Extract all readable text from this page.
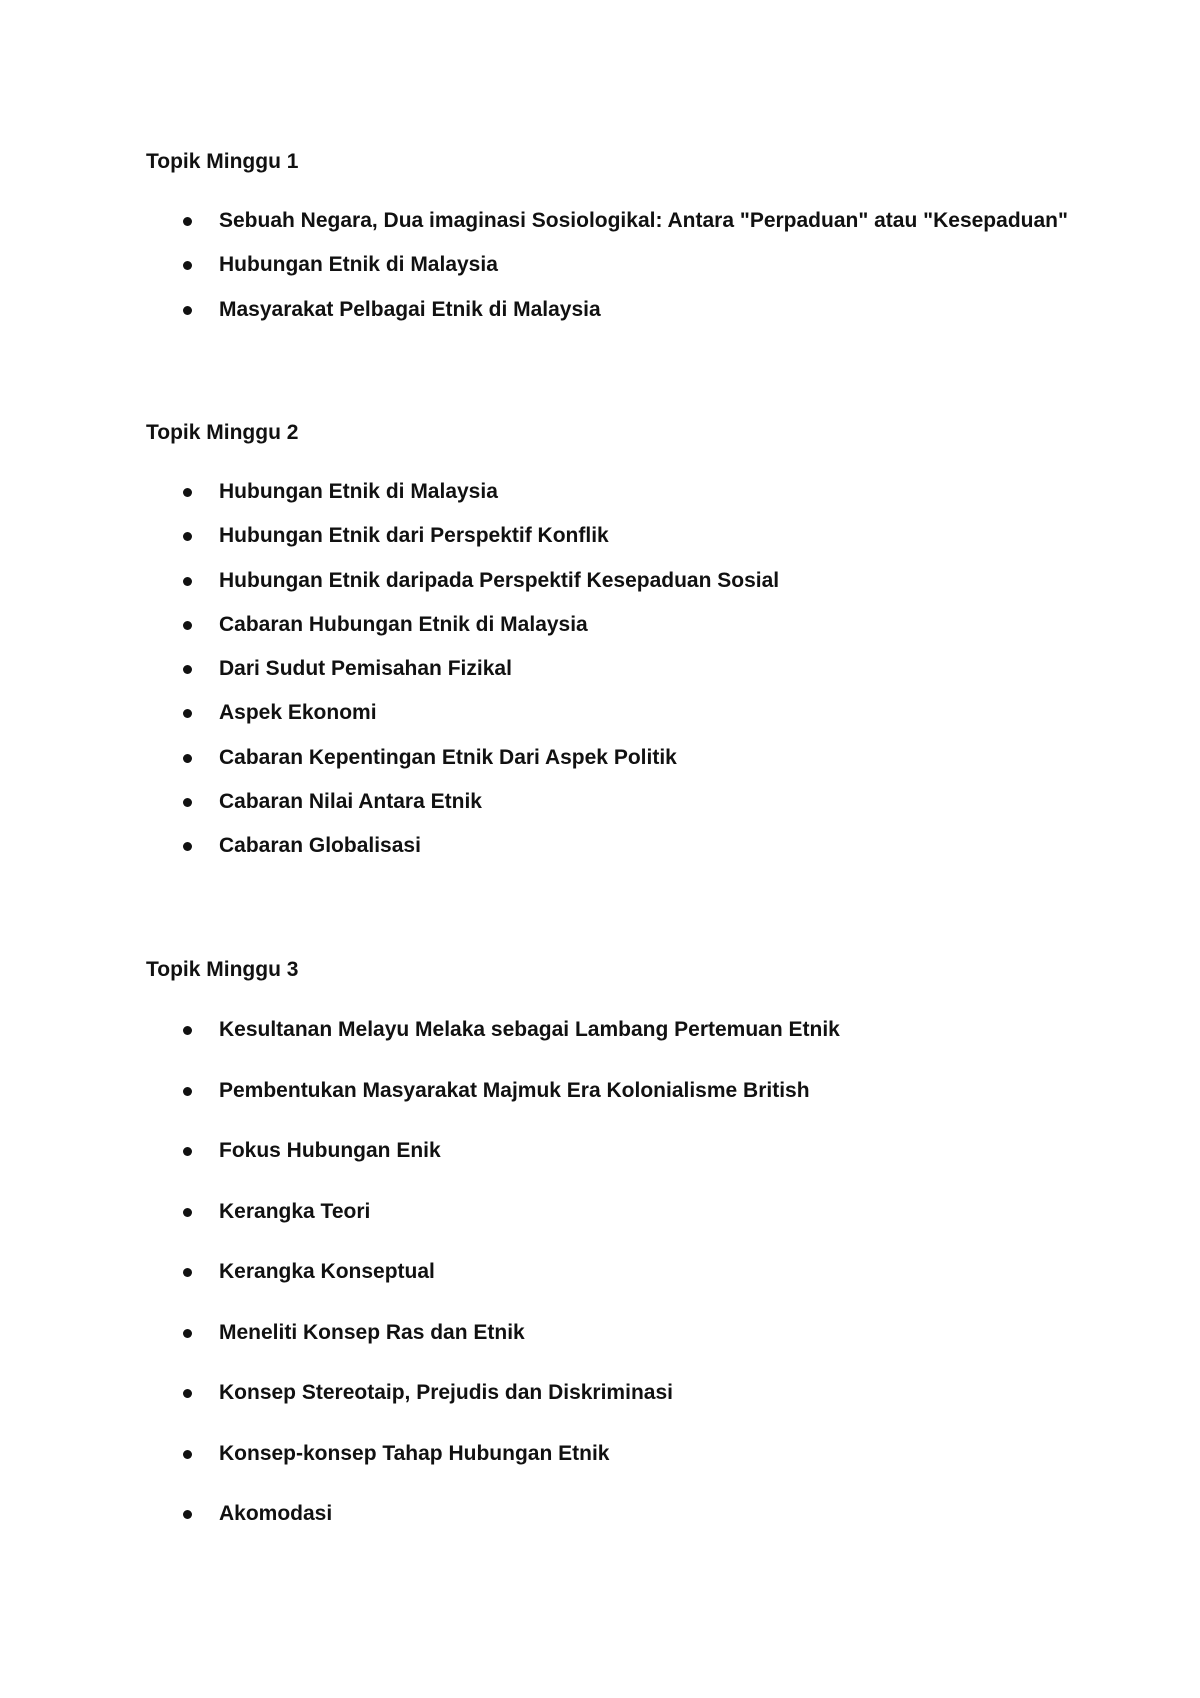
Topik Minggu 1
Sebuah Negara, Dua imaginasi Sosiologikal: Antara "Perpaduan" atau "Kesepaduan"
Hubungan Etnik di Malaysia
Masyarakat Pelbagai Etnik di Malaysia
Topik Minggu 2
Hubungan Etnik di Malaysia
Hubungan Etnik dari Perspektif Konflik
Hubungan Etnik daripada Perspektif Kesepaduan Sosial
Cabaran Hubungan Etnik di Malaysia
Dari Sudut Pemisahan Fizikal
Aspek Ekonomi
Cabaran Kepentingan Etnik Dari Aspek Politik
Cabaran Nilai Antara Etnik
Cabaran Globalisasi
Topik Minggu 3
Kesultanan Melayu Melaka sebagai Lambang Pertemuan Etnik
Pembentukan Masyarakat Majmuk Era Kolonialisme British
Fokus Hubungan Enik
Kerangka Teori
Kerangka Konseptual
Meneliti Konsep Ras dan Etnik
Konsep Stereotaip, Prejudis dan Diskriminasi
Konsep-konsep Tahap Hubungan Etnik
Akomodasi
